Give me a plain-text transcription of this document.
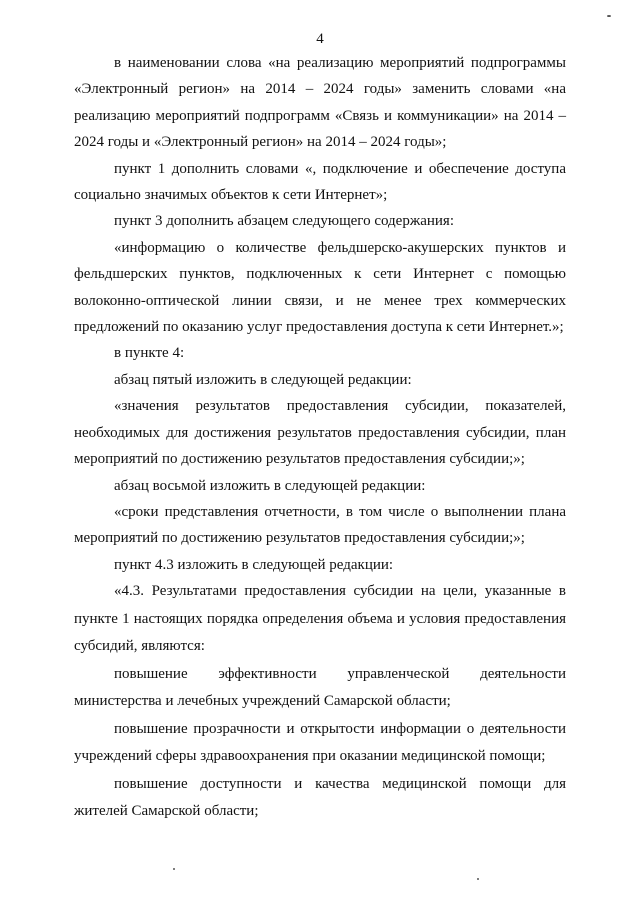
4

в наименовании слова «на реализацию мероприятий подпрограммы «Электронный регион» на 2014 – 2024 годы» заменить словами «на реализацию мероприятий подпрограмм «Связь и коммуникации» на 2014 – 2024 годы и «Электронный регион» на 2014 – 2024 годы»;

пункт 1 дополнить словами «, подключение и обеспечение доступа социально значимых объектов к сети Интернет»;

пункт 3 дополнить абзацем следующего содержания:

«информацию о количестве фельдшерско-акушерских пунктов и фельдшерских пунктов, подключенных к сети Интернет с помощью волоконно-оптической линии связи, и не менее трех коммерческих предложений по оказанию услуг предоставления доступа к сети Интернет.»;

в пункте 4:

абзац пятый изложить в следующей редакции:

«значения результатов предоставления субсидии, показателей, необходимых для достижения результатов предоставления субсидии, план мероприятий по достижению результатов предоставления субсидии;»;

абзац восьмой изложить в следующей редакции:

«сроки представления отчетности, в том числе о выполнении плана мероприятий по достижению результатов предоставления субсидии;»;

пункт 4.3 изложить в следующей редакции:

«4.3. Результатами предоставления субсидии на цели, указанные в пункте 1 настоящих порядка определения объема и условия предоставления субсидий, являются:

повышение эффективности управленческой деятельности министерства и лечебных учреждений Самарской области;

повышение прозрачности и открытости информации о деятельности учреждений сферы здравоохранения при оказании медицинской помощи;

повышение доступности и качества медицинской помощи для жителей Самарской области;
